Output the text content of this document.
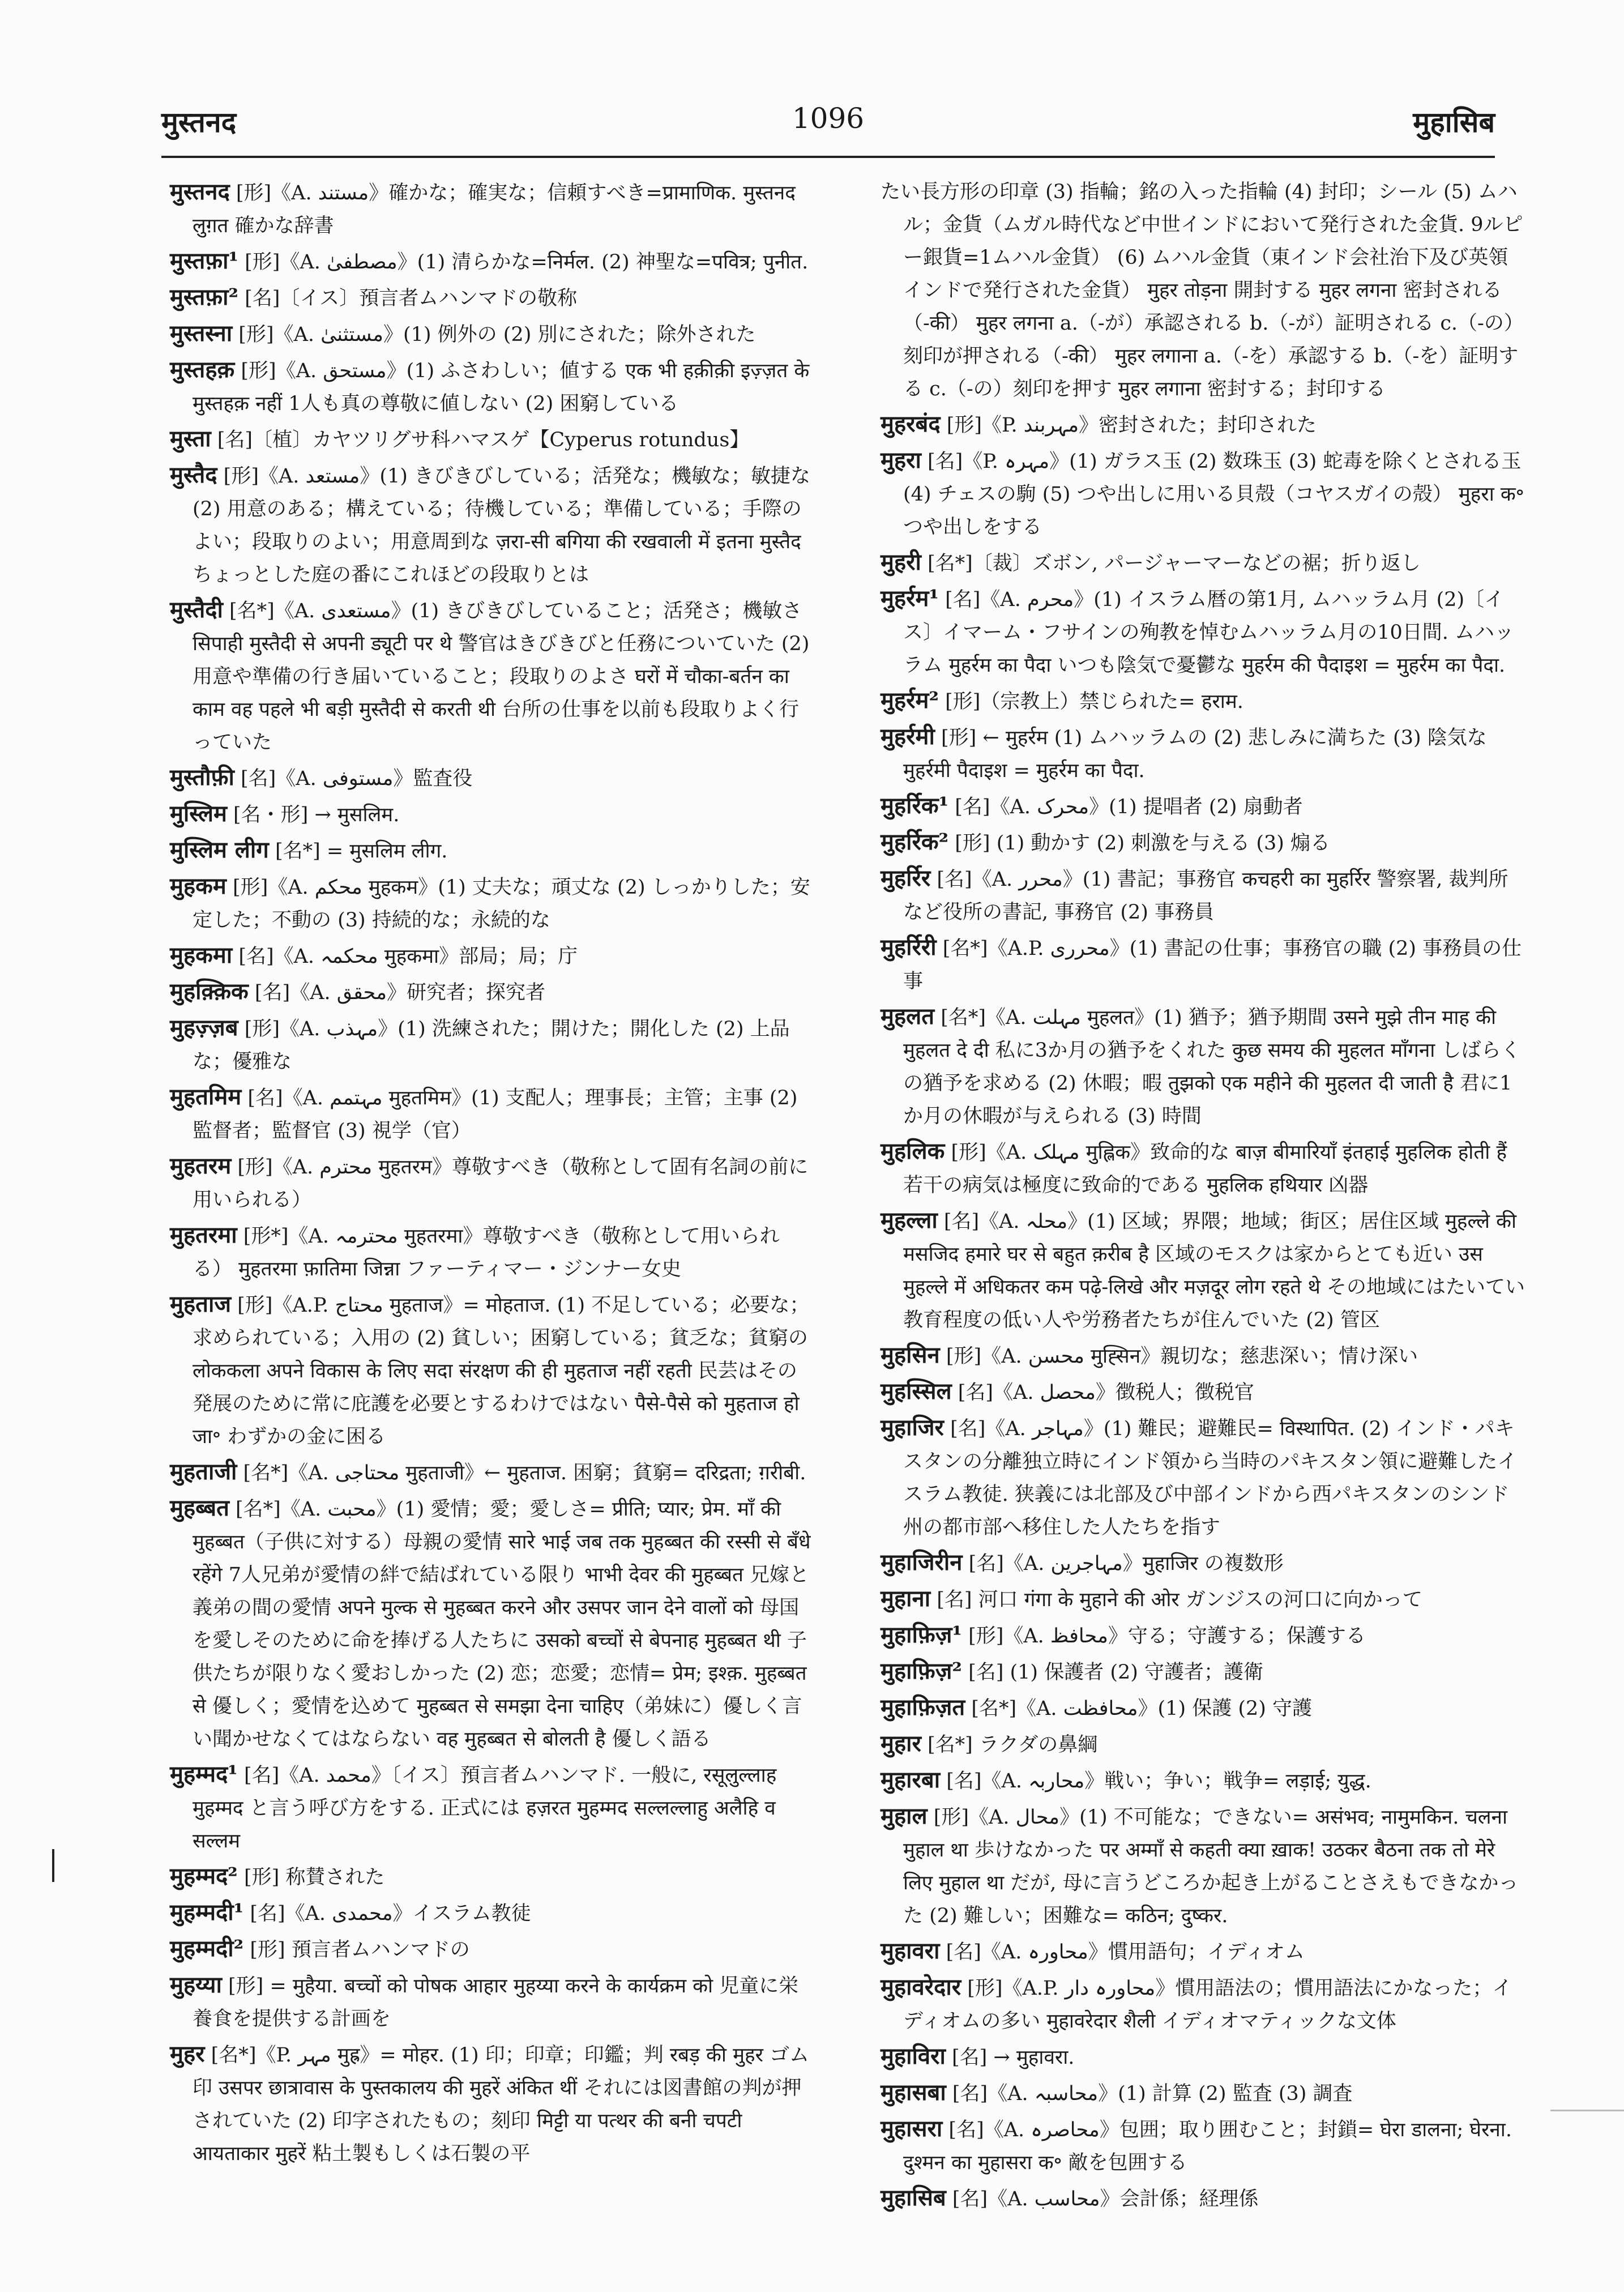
मुस्तनद	1096	मुहासिब

मुस्तनद [形]《A. مستند》確かな；確実な；信頼すべき=प्रामाणिक. मुस्तनद लुग़त 確かな辞書

मुस्तफ़ा¹ [形]《A. مصطفیٰ》(1) 清らかな=निर्मल. (2) 神聖な=पवित्र; पुनीत.

मुस्तफ़ा² [名]〔イス〕預言者ムハンマドの敬称

मुस्तस्ना [形]《A. مستثنیٰ》(1) 例外の (2) 別にされた；除外された

मुस्तहक़ [形]《A. مستحق》(1) ふさわしい；値する एक भी हक़ीक़ी इज़्ज़त के मुस्तहक़ नहीं 1人も真の尊敬に値しない (2) 困窮している

मुस्ता [名]〔植〕カヤツリグサ科ハマスゲ【Cyperus rotundus】

मुस्तैद [形]《A. مستعد》(1) きびきびしている；活発な；機敏な；敏捷な (2) 用意のある；構えている；待機している；準備している；手際のよい；段取りのよい；用意周到な ज़रा-सी बगिया की रखवाली में इतना मुस्तैद ちょっとした庭の番にこれほどの段取りとは

मुस्तैदी [名*]《A. مستعدی》(1) きびきびしていること；活発さ；機敏さ सिपाही मुस्तैदी से अपनी ड्यूटी पर थे 警官はきびきびと任務についていた (2) 用意や準備の行き届いていること；段取りのよさ घरों में चौका-बर्तन का काम वह पहले भी बड़ी मुस्तैदी से करती थी 台所の仕事を以前も段取りよく行っていた

मुस्तौफ़ी [名]《A. مستوفی》監査役

मुस्लिम [名・形] → मुसलिम.

मुस्लिम लीग [名*] = मुसलिम लीग.

मुहकम [形]《A. محکم मुहकम》(1) 丈夫な；頑丈な (2) しっかりした；安定した；不動の (3) 持続的な；永続的な

मुहकमा [名]《A. محکمہ मुहकमा》部局；局；庁

मुहक़्क़िक [名]《A. محقق》研究者；探究者

मुहज़्ज़ब [形]《A. مہذب》(1) 洗練された；開けた；開化した (2) 上品な；優雅な

मुहतमिम [名]《A. مہتمم मुहतमिम》(1) 支配人；理事長；主管；主事 (2) 監督者；監督官 (3) 視学（官）

मुहतरम [形]《A. محترم मुहतरम》尊敬すべき（敬称として固有名詞の前に用いられる）

मुहतरमा [形*]《A. محترمہ मुहतरमा》尊敬すべき（敬称として用いられる） मुहतरमा फ़ातिमा जिन्ना ファーティマー・ジンナー女史

मुहताज [形]《A.P. محتاج मुहताज》= मोहताज. (1) 不足している；必要な；求められている；入用の (2) 貧しい；困窮している；貧乏な；貧窮の लोककला अपने विकास के लिए सदा संरक्षण की ही मुहताज नहीं रहती 民芸はその発展のために常に庇護を必要とするわけではない पैसे-पैसे को मुहताज हो जा॰ わずかの金に困る

मुहताजी [名*]《A. محتاجی मुहताजी》← मुहताज. 困窮；貧窮= दरिद्रता; ग़रीबी.

मुहब्बत [名*]《A. محبت》(1) 愛情；愛；愛しさ= प्रीति; प्यार; प्रेम. माँ की मुहब्बत（子供に対する）母親の愛情 सारे भाई जब तक मुहब्बत की रस्सी से बँधे रहेंगे 7人兄弟が愛情の絆で結ばれている限り भाभी देवर की मुहब्बत 兄嫁と義弟の間の愛情 अपने मुल्क से मुहब्बत करने और उसपर जान देने वालों को 母国を愛しそのために命を捧げる人たちに उसको बच्चों से बेपनाह मुहब्बत थी 子供たちが限りなく愛おしかった (2) 恋；恋愛；恋情= प्रेम; इश्क़. मुहब्बत से 優しく；愛情を込めて मुहब्बत से समझा देना चाहिए（弟妹に）優しく言い聞かせなくてはならない वह मुहब्बत से बोलती है 優しく語る

मुहम्मद¹ [名]《A. محمد》〔イス〕預言者ムハンマド. 一般に, रसूलुल्लाह मुहम्मद と言う呼び方をする. 正式には हज़रत मुहम्मद सल्लल्लाहु अलैहि व सल्लम

मुहम्मद² [形] 称賛された

मुहम्मदी¹ [名]《A. محمدی》イスラム教徒

मुहम्मदी² [形] 預言者ムハンマドの

मुहय्या [形] = मुहैया. बच्चों को पोषक आहार मुहय्या करने के कार्यक्रम को 児童に栄養食を提供する計画を

मुहर [名*]《P. مہر मुह्र》= मोहर. (1) 印；印章；印鑑；判 रबड़ की मुहर ゴム印 उसपर छात्रावास के पुस्तकालय की मुहरें अंकित थीं それには図書館の判が押されていた (2) 印字されたもの；刻印 मिट्टी या पत्थर की बनी चपटी आयताकार मुहरें 粘土製もしくは石製の平

たい長方形の印章 (3) 指輪；銘の入った指輪 (4) 封印；シール (5) ムハル；金貨（ムガル時代など中世インドにおいて発行された金貨. 9ルピー銀貨=1ムハル金貨） (6) ムハル金貨（東インド会社治下及び英領インドで発行された金貨） मुहर तोड़ना 開封する मुहर लगना 密封される（-की） मुहर लगना a.（-が）承認される b.（-が）証明される c.（-の）刻印が押される（-की） मुहर लगाना a.（-を）承認する b.（-を）証明する c.（-の）刻印を押す मुहर लगाना 密封する；封印する

मुहरबंद [形]《P. مہربند》密封された；封印された

मुहरा [名]《P. مہرہ》(1) ガラス玉 (2) 数珠玉 (3) 蛇毒を除くとされる玉 (4) チェスの駒 (5) つや出しに用いる貝殻（コヤスガイの殻） मुहरा क॰ つや出しをする

मुहरी [名*]〔裁〕ズボン, パージャーマーなどの裾；折り返し

मुहर्रम¹ [名]《A. محرم》(1) イスラム暦の第1月, ムハッラム月 (2)〔イス〕イマーム・フサインの殉教を悼むムハッラム月の10日間. ムハッラム मुहर्रम का पैदा いつも陰気で憂鬱な मुहर्रम की पैदाइश = मुहर्रम का पैदा.

मुहर्रम² [形]（宗教上）禁じられた= हराम.

मुहर्रमी [形] ← मुहर्रम (1) ムハッラムの (2) 悲しみに満ちた (3) 陰気な मुहर्रमी पैदाइश = मुहर्रम का पैदा.

मुहर्रिक¹ [名]《A. محرک》(1) 提唱者 (2) 扇動者

मुहर्रिक² [形] (1) 動かす (2) 刺激を与える (3) 煽る

मुहर्रिर [名]《A. محرر》(1) 書記；事務官 कचहरी का मुहर्रिर 警察署, 裁判所など役所の書記, 事務官 (2) 事務員

मुहर्रिरी [名*]《A.P. محرری》(1) 書記の仕事；事務官の職 (2) 事務員の仕事

मुहलत [名*]《A. مہلت मुहलत》(1) 猶予；猶予期間 उसने मुझे तीन माह की मुहलत दे दी 私に3か月の猶予をくれた कुछ समय की मुहलत माँगना しばらくの猶予を求める (2) 休暇；暇 तुझको एक महीने की मुहलत दी जाती है 君に1か月の休暇が与えられる (3) 時間

मुहलिक [形]《A. مہلک मुह्लिक》致命的な बाज़ बीमारियाँ इंतहाई मुहलिक होती हैं 若干の病気は極度に致命的である मुहलिक हथियार 凶器

मुहल्ला [名]《A. محلہ》(1) 区域；界隈；地域；街区；居住区域 मुहल्ले की मसजिद हमारे घर से बहुत क़रीब है 区域のモスクは家からとても近い उस मुहल्ले में अधिकतर कम पढ़े-लिखे और मज़दूर लोग रहते थे その地域にはたいてい教育程度の低い人や労務者たちが住んでいた (2) 管区

मुहसिन [形]《A. محسن मुह्सिन》親切な；慈悲深い；情け深い

मुहस्सिल [名]《A. محصل》徴税人；徴税官

मुहाजिर [名]《A. مہاجر》(1) 難民；避難民= विस्थापित. (2) インド・パキスタンの分離独立時にインド領から当時のパキスタン領に避難したイスラム教徒. 狭義には北部及び中部インドから西パキスタンのシンド州の都市部へ移住した人たちを指す

मुहाजिरीन [名]《A. مہاجرین》मुहाजिर の複数形

मुहाना [名] 河口 गंगा के मुहाने की ओर ガンジスの河口に向かって

मुहाफ़िज़¹ [形]《A. محافظ》守る；守護する；保護する

मुहाफ़िज़² [名] (1) 保護者 (2) 守護者；護衛

मुहाफ़िज़त [名*]《A. محافظت》(1) 保護 (2) 守護

मुहार [名*] ラクダの鼻綱

मुहारबा [名]《A. محاربہ》戦い；争い；戦争= लड़ाई; युद्ध.

मुहाल [形]《A. محال》(1) 不可能な；できない= असंभव; नामुमकिन. चलना मुहाल था 歩けなかった पर अम्माँ से कहती क्या ख़ाक! उठकर बैठना तक तो मेरे लिए मुहाल था だが, 母に言うどころか起き上がることさえもできなかった (2) 難しい；困難な= कठिन; दुष्कर.

मुहावरा [名]《A. محاورہ》慣用語句；イディオム

मुहावरेदार [形]《A.P. محاورہ دار》慣用語法の；慣用語法にかなった；イディオムの多い मुहावरेदार शैली イディオマティックな文体

मुहाविरा [名] → मुहावरा.

मुहासबा [名]《A. محاسبہ》(1) 計算 (2) 監査 (3) 調査

मुहासरा [名]《A. محاصرہ》包囲；取り囲むこと；封鎖= घेरा डालना; घेरना. दुश्मन का मुहासरा क॰ 敵を包囲する

मुहासिब [名]《A. محاسب》会計係；経理係
